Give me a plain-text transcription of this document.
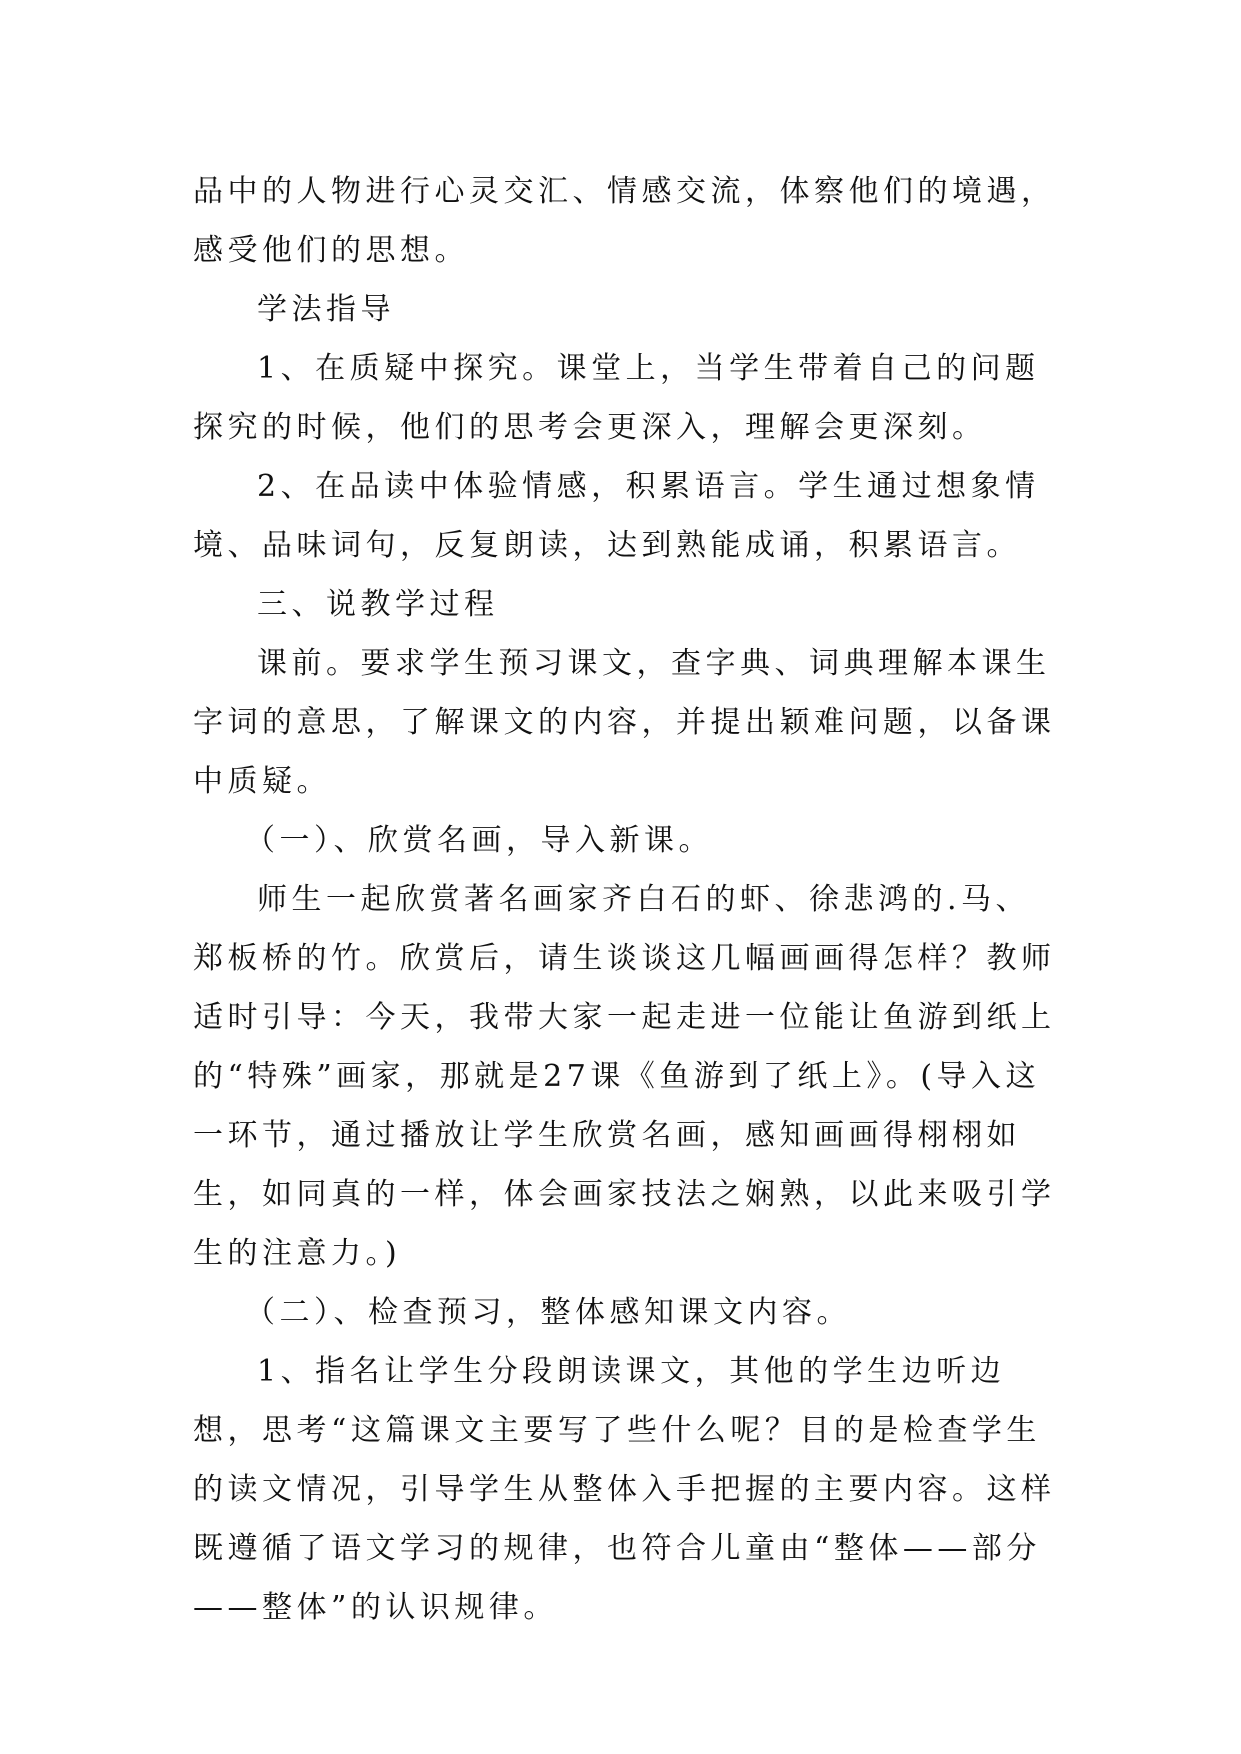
品中的人物进行心灵交汇、情感交流，体察他们的境遇，感受他们的思想。

学法指导

1、在质疑中探究。课堂上，当学生带着自己的问题探究的时候，他们的思考会更深入，理解会更深刻。

2、在品读中体验情感，积累语言。学生通过想象情境、品味词句，反复朗读，达到熟能成诵，积累语言。

三、说教学过程

课前。要求学生预习课文，查字典、词典理解本课生字词的意思，了解课文的内容，并提出颖难问题，以备课中质疑。

（一）、欣赏名画，导入新课。

师生一起欣赏著名画家齐白石的虾、徐悲鸿的.马、郑板桥的竹。欣赏后，请生谈谈这几幅画画得怎样？教师适时引导：今天，我带大家一起走进一位能让鱼游到纸上的“特殊”画家，那就是27课《鱼游到了纸上》。(导入这一环节，通过播放让学生欣赏名画，感知画画得栩栩如生，如同真的一样，体会画家技法之娴熟，以此来吸引学生的注意力。)

（二）、检查预习，整体感知课文内容。

1、指名让学生分段朗读课文，其他的学生边听边想，思考“这篇课文主要写了些什么呢？目的是检查学生的读文情况，引导学生从整体入手把握的主要内容。这样既遵循了语文学习的规律，也符合儿童由“整体——部分——整体”的认识规律。
